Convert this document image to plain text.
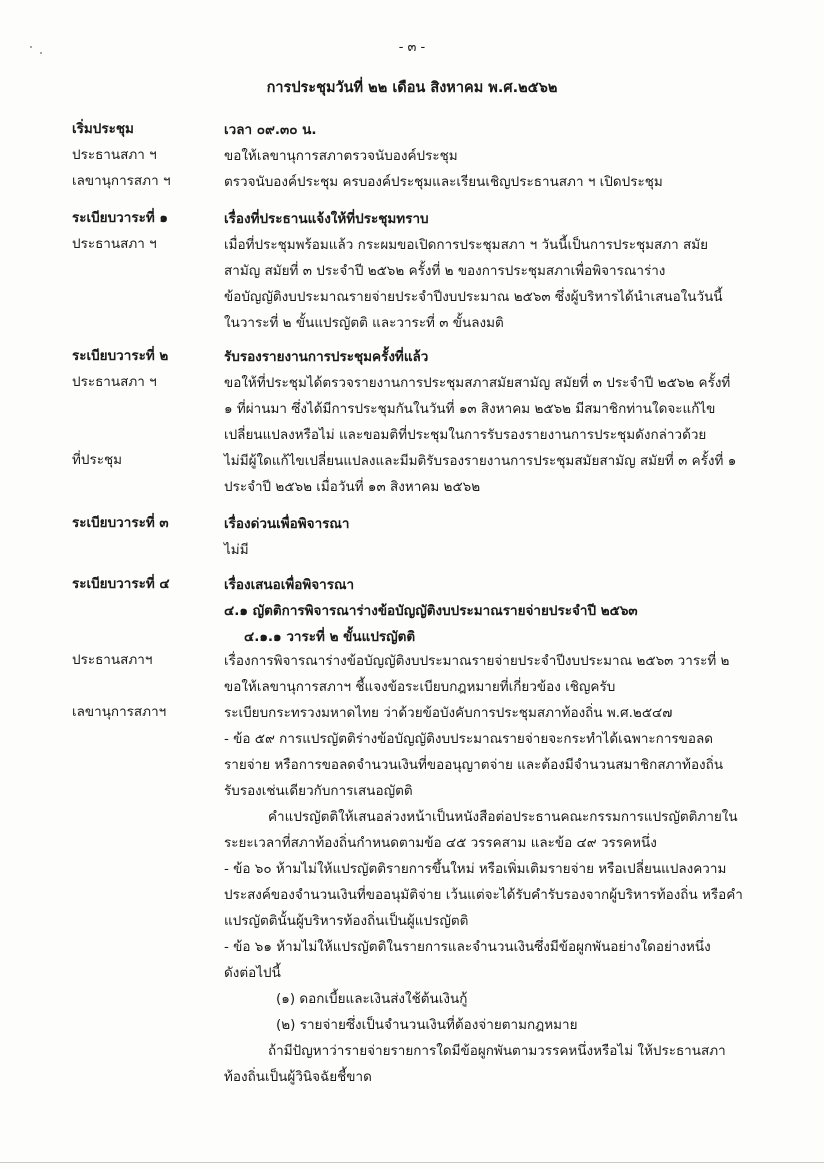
- ๓ -
การประชุมวันที่ ๒๒ เดือน สิงหาคม พ.ศ.๒๕๖๒
เริ่มประชุม	เวลา ๐๙.๓๐ น.
ประธานสภา ฯ	ขอให้เลขานุการสภาตรวจนับองค์ประชุม
เลขานุการสภา ฯ	ตรวจนับองค์ประชุม ครบองค์ประชุมและเรียนเชิญประธานสภา ฯ เปิดประชุม
ระเบียบวาระที่ ๑	เรื่องที่ประธานแจ้งให้ที่ประชุมทราบ
ประธานสภา ฯ	เมื่อที่ประชุมพร้อมแล้ว กระผมขอเปิดการประชุมสภา ฯ วันนี้เป็นการประชุมสภา สมัย
สามัญ สมัยที่ ๓ ประจำปี ๒๕๖๒ ครั้งที่ ๒ ของการประชุมสภาเพื่อพิจารณาร่าง
ข้อบัญญัติงบประมาณรายจ่ายประจำปีงบประมาณ ๒๕๖๓ ซึ่งผู้บริหารได้นำเสนอในวันนี้
ในวาระที่ ๒ ขั้นแปรญัตติ และวาระที่ ๓ ขั้นลงมติ
ระเบียบวาระที่ ๒	รับรองรายงานการประชุมครั้งที่แล้ว
ประธานสภา ฯ	ขอให้ที่ประชุมได้ตรวจรายงานการประชุมสภาสมัยสามัญ สมัยที่ ๓ ประจำปี ๒๕๖๒ ครั้งที่
๑ ที่ผ่านมา ซึ่งได้มีการประชุมกันในวันที่ ๑๓ สิงหาคม ๒๕๖๒ มีสมาชิกท่านใดจะแก้ไข
เปลี่ยนแปลงหรือไม่ และขอมติที่ประชุมในการรับรองรายงานการประชุมดังกล่าวด้วย
ที่ประชุม	ไม่มีผู้ใดแก้ไขเปลี่ยนแปลงและมีมติรับรองรายงานการประชุมสมัยสามัญ สมัยที่ ๓ ครั้งที่ ๑
ประจำปี ๒๕๖๒ เมื่อวันที่ ๑๓ สิงหาคม ๒๕๖๒
ระเบียบวาระที่ ๓	เรื่องด่วนเพื่อพิจารณา
ไม่มี
ระเบียบวาระที่ ๔	เรื่องเสนอเพื่อพิจารณา
๔.๑ ญัตติการพิจารณาร่างข้อบัญญัติงบประมาณรายจ่ายประจำปี ๒๕๖๓
๔.๑.๑ วาระที่ ๒ ขั้นแปรญัตติ
ประธานสภาฯ	เรื่องการพิจารณาร่างข้อบัญญัติงบประมาณรายจ่ายประจำปีงบประมาณ ๒๕๖๓ วาระที่ ๒
ขอให้เลขานุการสภาฯ ชี้แจงข้อระเบียบกฎหมายที่เกี่ยวข้อง เชิญครับ
เลขานุการสภาฯ	ระเบียบกระทรวงมหาดไทย ว่าด้วยข้อบังคับการประชุมสภาท้องถิ่น พ.ศ.๒๕๔๗
- ข้อ ๕๙ การแปรญัตติร่างข้อบัญญัติงบประมาณรายจ่ายจะกระทำได้เฉพาะการขอลด
รายจ่าย หรือการขอลดจำนวนเงินที่ขออนุญาตจ่าย และต้องมีจำนวนสมาชิกสภาท้องถิ่น
รับรองเช่นเดียวกับการเสนอญัตติ
คำแปรญัตติให้เสนอล่วงหน้าเป็นหนังสือต่อประธานคณะกรรมการแปรญัตติภายใน
ระยะเวลาที่สภาท้องถิ่นกำหนดตามข้อ ๔๕ วรรคสาม และข้อ ๔๙ วรรคหนึ่ง
- ข้อ ๖๐ ห้ามไม่ให้แปรญัตติรายการขึ้นใหม่ หรือเพิ่มเติมรายจ่าย หรือเปลี่ยนแปลงความ
ประสงค์ของจำนวนเงินที่ขออนุมัติจ่าย เว้นแต่จะได้รับคำรับรองจากผู้บริหารท้องถิ่น หรือคำ
แปรญัตตินั้นผู้บริหารท้องถิ่นเป็นผู้แปรญัตติ
- ข้อ ๖๑ ห้ามไม่ให้แปรญัตติในรายการและจำนวนเงินซึ่งมีข้อผูกพันอย่างใดอย่างหนึ่ง
ดังต่อไปนี้
(๑) ดอกเบี้ยและเงินส่งใช้ต้นเงินกู้
(๒) รายจ่ายซึ่งเป็นจำนวนเงินที่ต้องจ่ายตามกฎหมาย
ถ้ามีปัญหาว่ารายจ่ายรายการใดมีข้อผูกพันตามวรรคหนึ่งหรือไม่ ให้ประธานสภา
ท้องถิ่นเป็นผู้วินิจฉัยชี้ขาด
